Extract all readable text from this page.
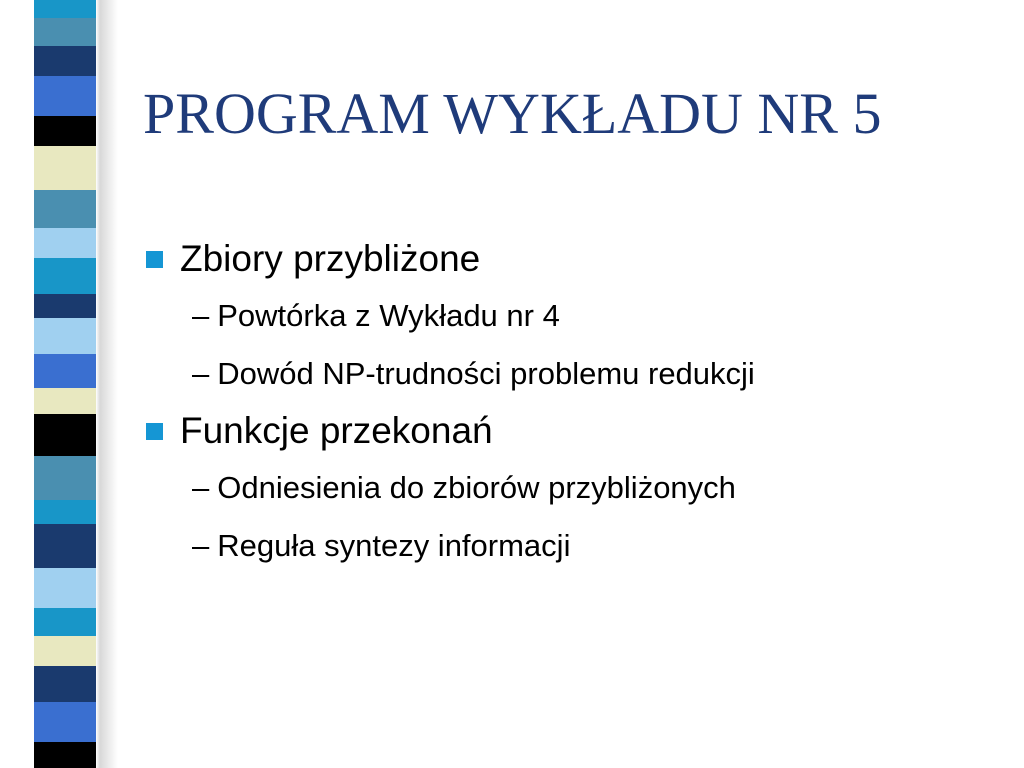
PROGRAM WYKŁADU NR 5
Zbiory przybliżone
– Powtórka z Wykładu nr 4
– Dowód NP-trudności problemu redukcji
Funkcje przekonań
– Odniesienia do zbiorów przybliżonych
– Reguła syntezy informacji
